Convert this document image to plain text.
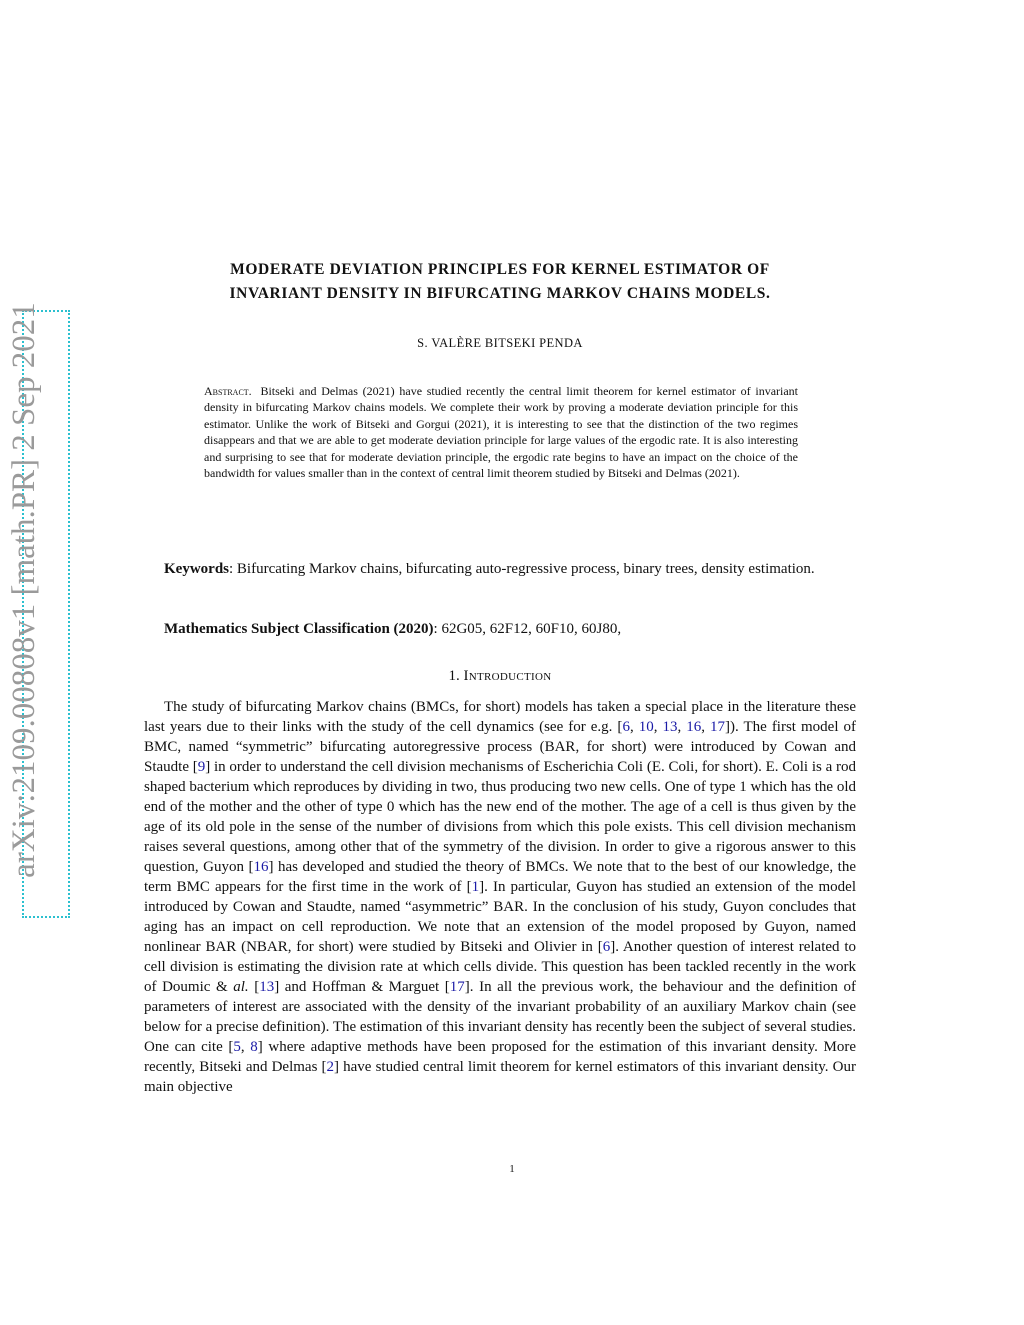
arXiv:2109.00808v1 [math.PR] 2 Sep 2021
MODERATE DEVIATION PRINCIPLES FOR KERNEL ESTIMATOR OF
INVARIANT DENSITY IN BIFURCATING MARKOV CHAINS MODELS.
S. VALÈRE BITSEKI PENDA
Abstract. Bitseki and Delmas (2021) have studied recently the central limit theorem for kernel estimator of invariant density in bifurcating Markov chains models. We complete their work by proving a moderate deviation principle for this estimator. Unlike the work of Bitseki and Gorgui (2021), it is interesting to see that the distinction of the two regimes disappears and that we are able to get moderate deviation principle for large values of the ergodic rate. It is also interesting and surprising to see that for moderate deviation principle, the ergodic rate begins to have an impact on the choice of the bandwidth for values smaller than in the context of central limit theorem studied by Bitseki and Delmas (2021).
Keywords: Bifurcating Markov chains, bifurcating auto-regressive process, binary trees, density estimation.
Mathematics Subject Classification (2020): 62G05, 62F12, 60F10, 60J80,
1. Introduction
The study of bifurcating Markov chains (BMCs, for short) models has taken a special place in the literature these last years due to their links with the study of the cell dynamics (see for e.g. [6, 10, 13, 16, 17]). The first model of BMC, named “symmetric” bifurcating autoregressive process (BAR, for short) were introduced by Cowan and Staudte [9] in order to understand the cell division mechanisms of Escherichia Coli (E. Coli, for short). E. Coli is a rod shaped bacterium which reproduces by dividing in two, thus producing two new cells. One of type 1 which has the old end of the mother and the other of type 0 which has the new end of the mother. The age of a cell is thus given by the age of its old pole in the sense of the number of divisions from which this pole exists. This cell division mechanism raises several questions, among other that of the symmetry of the division. In order to give a rigorous answer to this question, Guyon [16] has developed and studied the theory of BMCs. We note that to the best of our knowledge, the term BMC appears for the first time in the work of [1]. In particular, Guyon has studied an extension of the model introduced by Cowan and Staudte, named “asymmetric” BAR. In the conclusion of his study, Guyon concludes that aging has an impact on cell reproduction. We note that an extension of the model proposed by Guyon, named nonlinear BAR (NBAR, for short) were studied by Bitseki and Olivier in [6]. Another question of interest related to cell division is estimating the division rate at which cells divide. This question has been tackled recently in the work of Doumic & al. [13] and Hoffman & Marguet [17]. In all the previous work, the behaviour and the definition of parameters of interest are associated with the density of the invariant probability of an auxiliary Markov chain (see below for a precise definition). The estimation of this invariant density has recently been the subject of several studies. One can cite [5, 8] where adaptive methods have been proposed for the estimation of this invariant density. More recently, Bitseki and Delmas [2] have studied central limit theorem for kernel estimators of this invariant density. Our main objective
1
